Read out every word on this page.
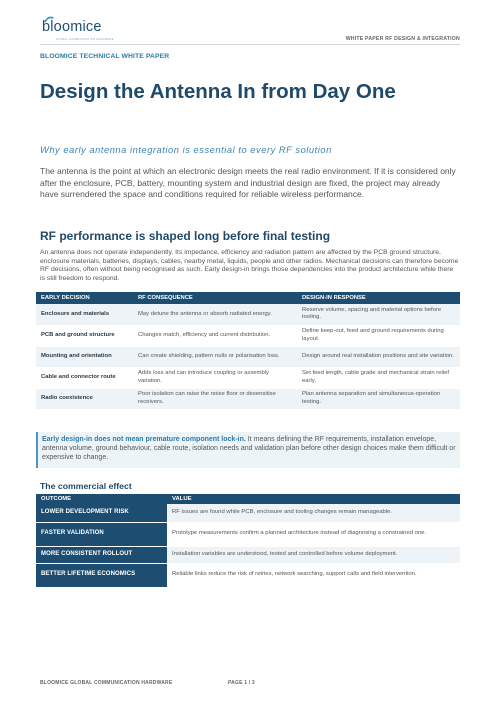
bloomice
GLOBAL COMMUNICATION HARDWARE	WHITE PAPER RF DESIGN & INTEGRATION
BLOOMICE TECHNICAL WHITE PAPER
Design the Antenna In from Day One
Why early antenna integration is essential to every RF solution

The antenna is the point at which an electronic design meets the real radio environment. If it is considered only after the enclosure, PCB, battery, mounting system and industrial design are fixed, the project may already have surrendered the space and conditions required for reliable wireless performance.

RF performance is shaped long before final testing

An antenna does not operate independently. Its impedance, efficiency and radiation pattern are affected by the PCB ground structure, enclosure materials, batteries, displays, cables, nearby metal, liquids, people and other radios. Mechanical decisions can therefore become RF decisions, often without being recognised as such. Early design-in brings those dependencies into the product architecture while there is still freedom to respond.

EARLY DECISION	RF CONSEQUENCE	DESIGN-IN RESPONSE
Enclosure and materials	May detune the antenna or absorb radiated energy.	Reserve volume, spacing and material options before tooling.
PCB and ground structure	Changes match, efficiency and current distribution.	Define keep-out, feed and ground requirements during layout.
Mounting and orientation	Can create shielding, pattern nulls or polarisation loss.	Design around real installation positions and site variation.
Cable and connector route	Adds loss and can introduce coupling or assembly variation.	Set feed length, cable grade and mechanical strain relief early.
Radio coexistence	Poor isolation can raise the noise floor or desensitise receivers.	Plan antenna separation and simultaneous-operation testing.

Early design-in does not mean premature component lock-in. It means defining the RF requirements, installation envelope, antenna volume, ground behaviour, cable route, isolation needs and validation plan before other design choices make them difficult or expensive to change.

The commercial effect
OUTCOME	VALUE
LOWER DEVELOPMENT RISK	RF issues are found while PCB, enclosure and tooling changes remain manageable.
FASTER VALIDATION	Prototype measurements confirm a planned architecture instead of diagnosing a constrained one.
MORE CONSISTENT ROLLOUT	Installation variables are understood, tested and controlled before volume deployment.
BETTER LIFETIME ECONOMICS	Reliable links reduce the risk of retries, network searching, support calls and field intervention.
BLOOMICE GLOBAL COMMUNICATION HARDWARE	PAGE 1 / 3
